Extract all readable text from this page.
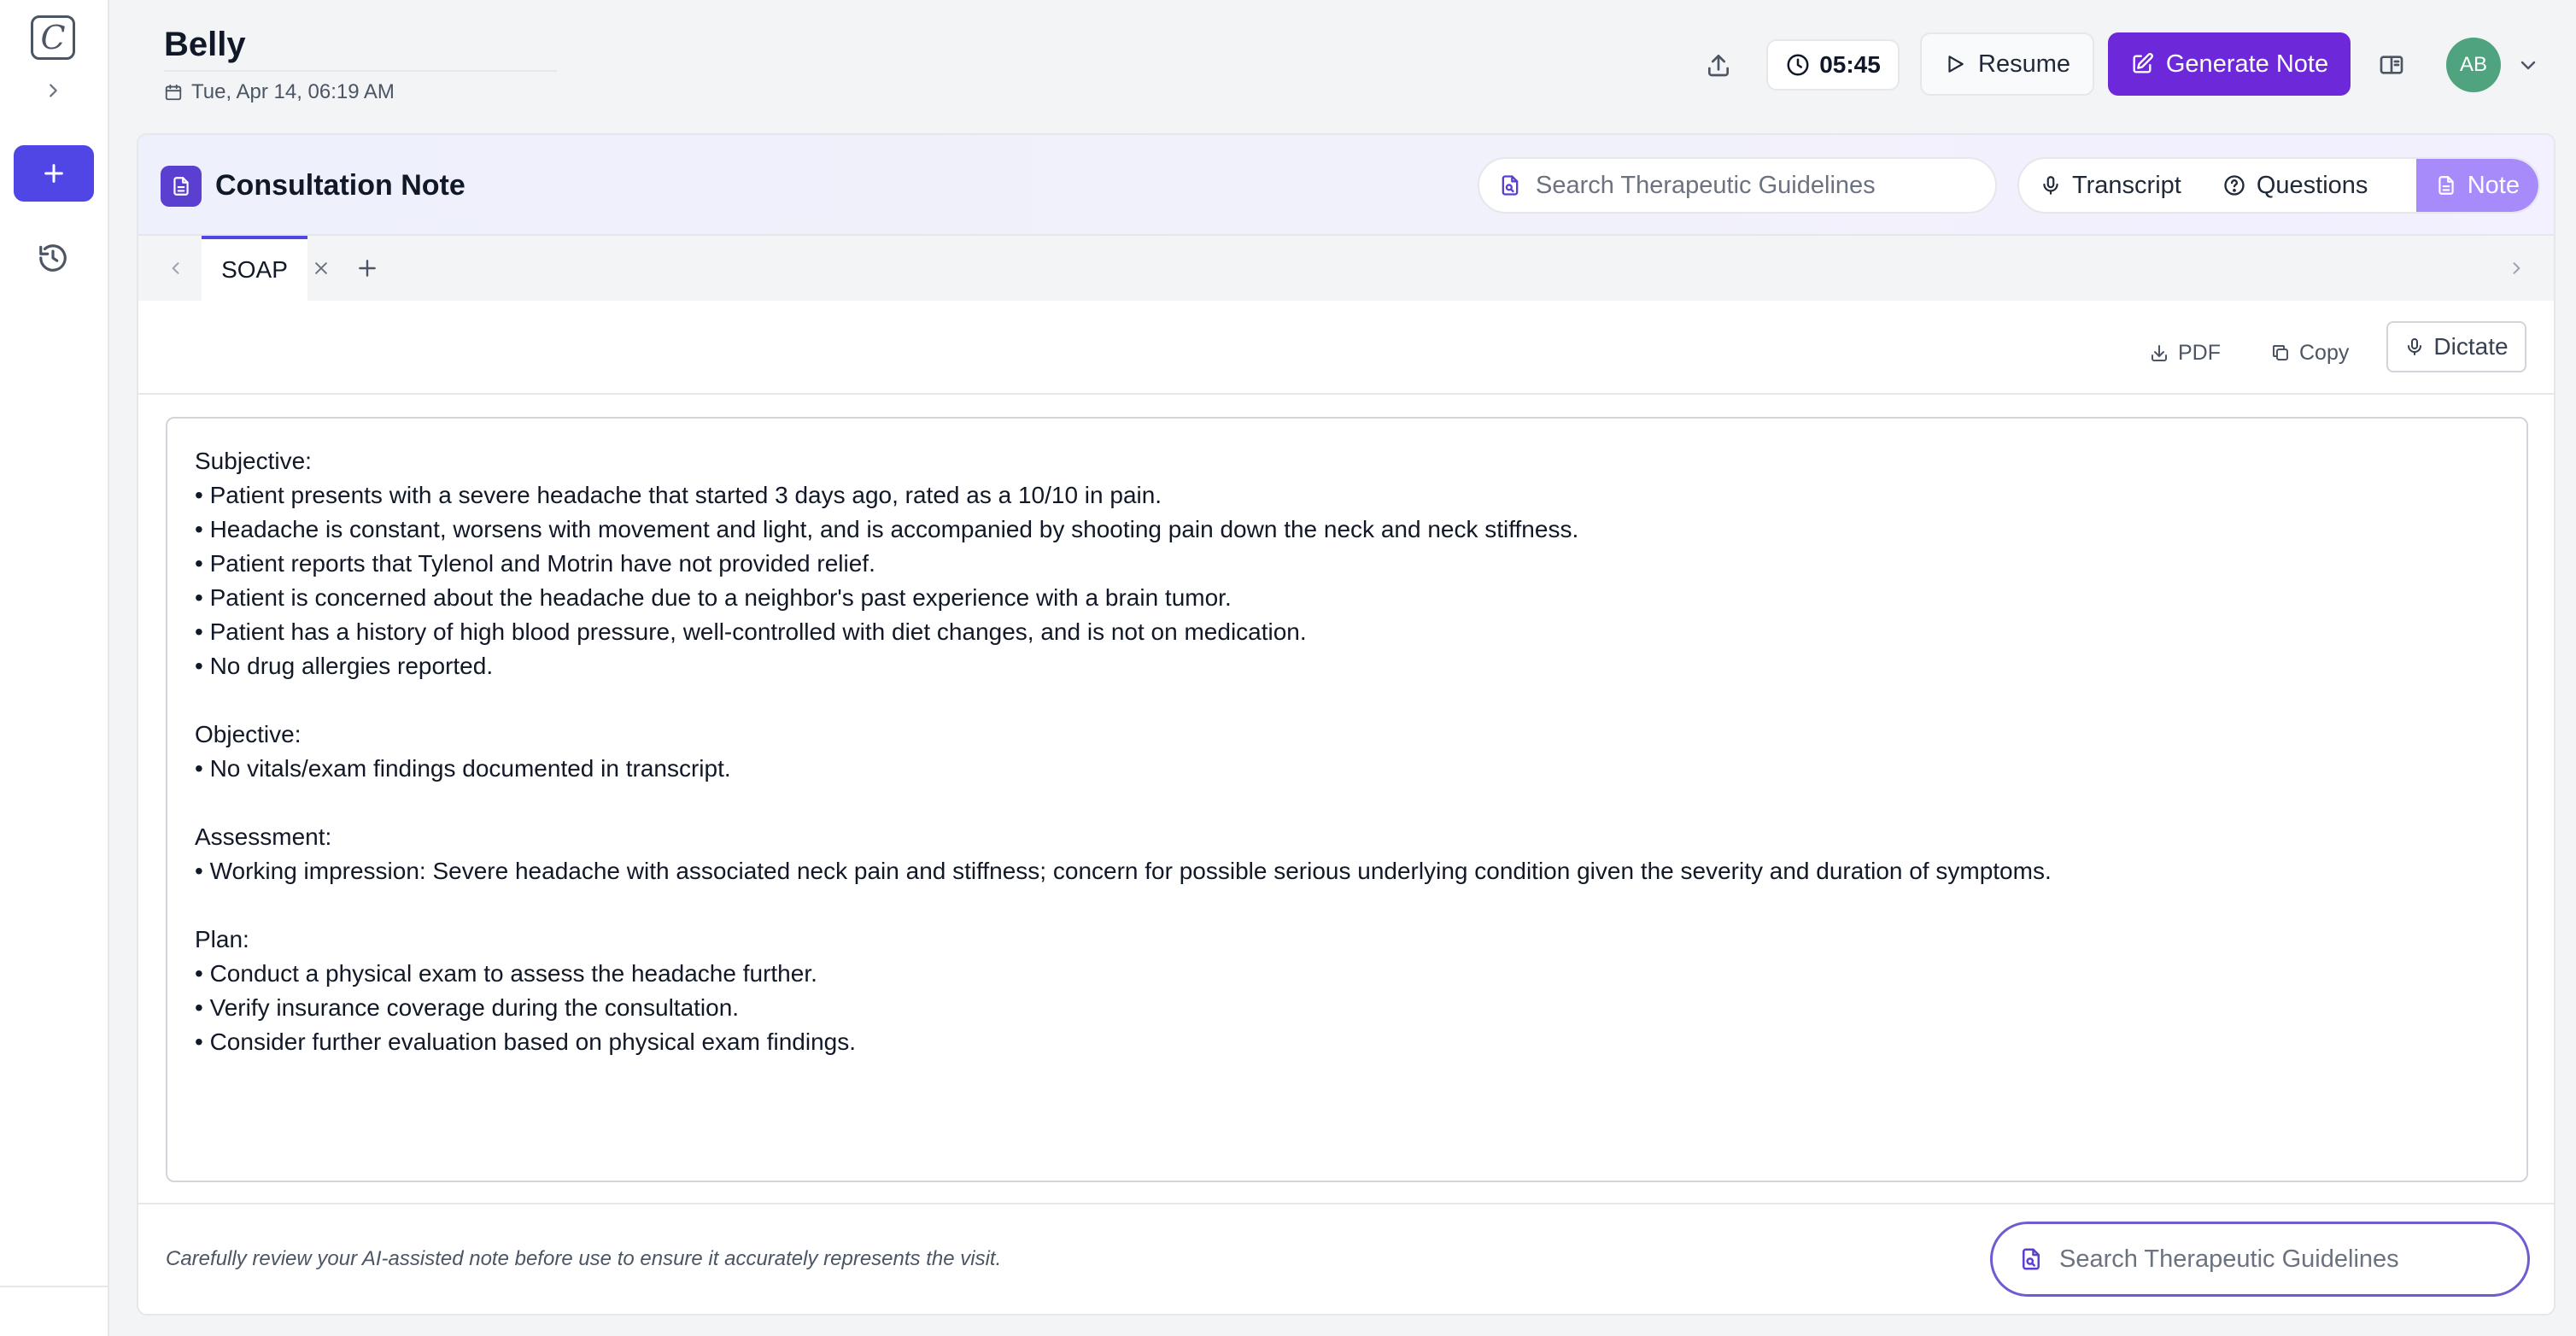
C	Belly
Tue, Apr 14, 06:19 AM
05:45	Resume	Generate Note	AB
Consultation Note
Search Therapeutic Guidelines	Transcript	Questions	Note
SOAP
PDF	Copy	Dictate
Subjective:
• Patient presents with a severe headache that started 3 days ago, rated as a 10/10 in pain.
• Headache is constant, worsens with movement and light, and is accompanied by shooting pain down the neck and neck stiffness.
• Patient reports that Tylenol and Motrin have not provided relief.
• Patient is concerned about the headache due to a neighbor's past experience with a brain tumor.
• Patient has a history of high blood pressure, well-controlled with diet changes, and is not on medication.
• No drug allergies reported.
Objective:
• No vitals/exam findings documented in transcript.
Assessment:
• Working impression: Severe headache with associated neck pain and stiffness; concern for possible serious underlying condition given the severity and duration of symptoms.
Plan:
• Conduct a physical exam to assess the headache further.
• Verify insurance coverage during the consultation.
• Consider further evaluation based on physical exam findings.
Carefully review your AI-assisted note before use to ensure it accurately represents the visit.
Search Therapeutic Guidelines
